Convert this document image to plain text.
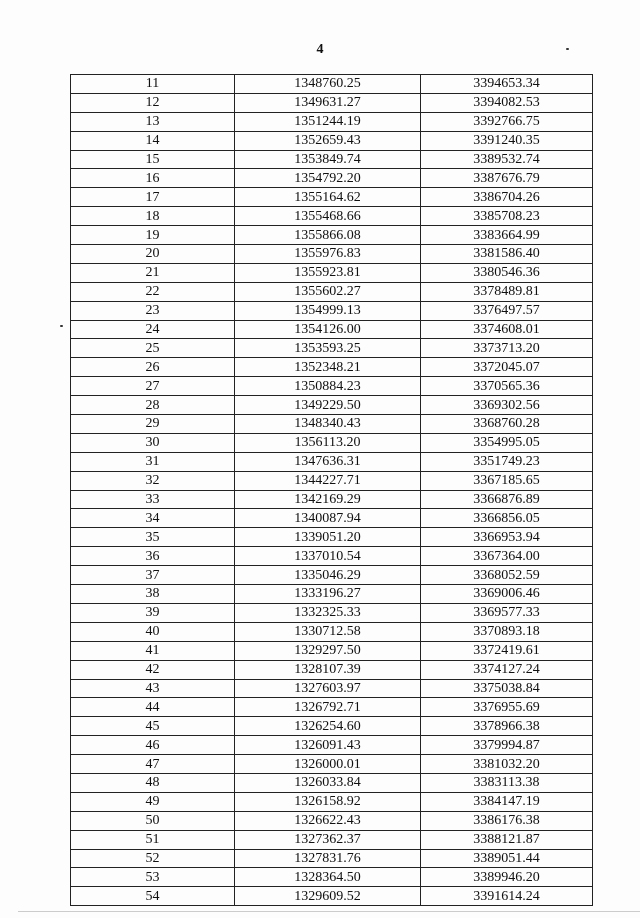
4
11	1348760.25	3394653.34
12	1349631.27	3394082.53
13	1351244.19	3392766.75
14	1352659.43	3391240.35
15	1353849.74	3389532.74
16	1354792.20	3387676.79
17	1355164.62	3386704.26
18	1355468.66	3385708.23
19	1355866.08	3383664.99
20	1355976.83	3381586.40
21	1355923.81	3380546.36
22	1355602.27	3378489.81
23	1354999.13	3376497.57
24	1354126.00	3374608.01
25	1353593.25	3373713.20
26	1352348.21	3372045.07
27	1350884.23	3370565.36
28	1349229.50	3369302.56
29	1348340.43	3368760.28
30	1356113.20	3354995.05
31	1347636.31	3351749.23
32	1344227.71	3367185.65
33	1342169.29	3366876.89
34	1340087.94	3366856.05
35	1339051.20	3366953.94
36	1337010.54	3367364.00
37	1335046.29	3368052.59
38	1333196.27	3369006.46
39	1332325.33	3369577.33
40	1330712.58	3370893.18
41	1329297.50	3372419.61
42	1328107.39	3374127.24
43	1327603.97	3375038.84
44	1326792.71	3376955.69
45	1326254.60	3378966.38
46	1326091.43	3379994.87
47	1326000.01	3381032.20
48	1326033.84	3383113.38
49	1326158.92	3384147.19
50	1326622.43	3386176.38
51	1327362.37	3388121.87
52	1327831.76	3389051.44
53	1328364.50	3389946.20
54	1329609.52	3391614.24
